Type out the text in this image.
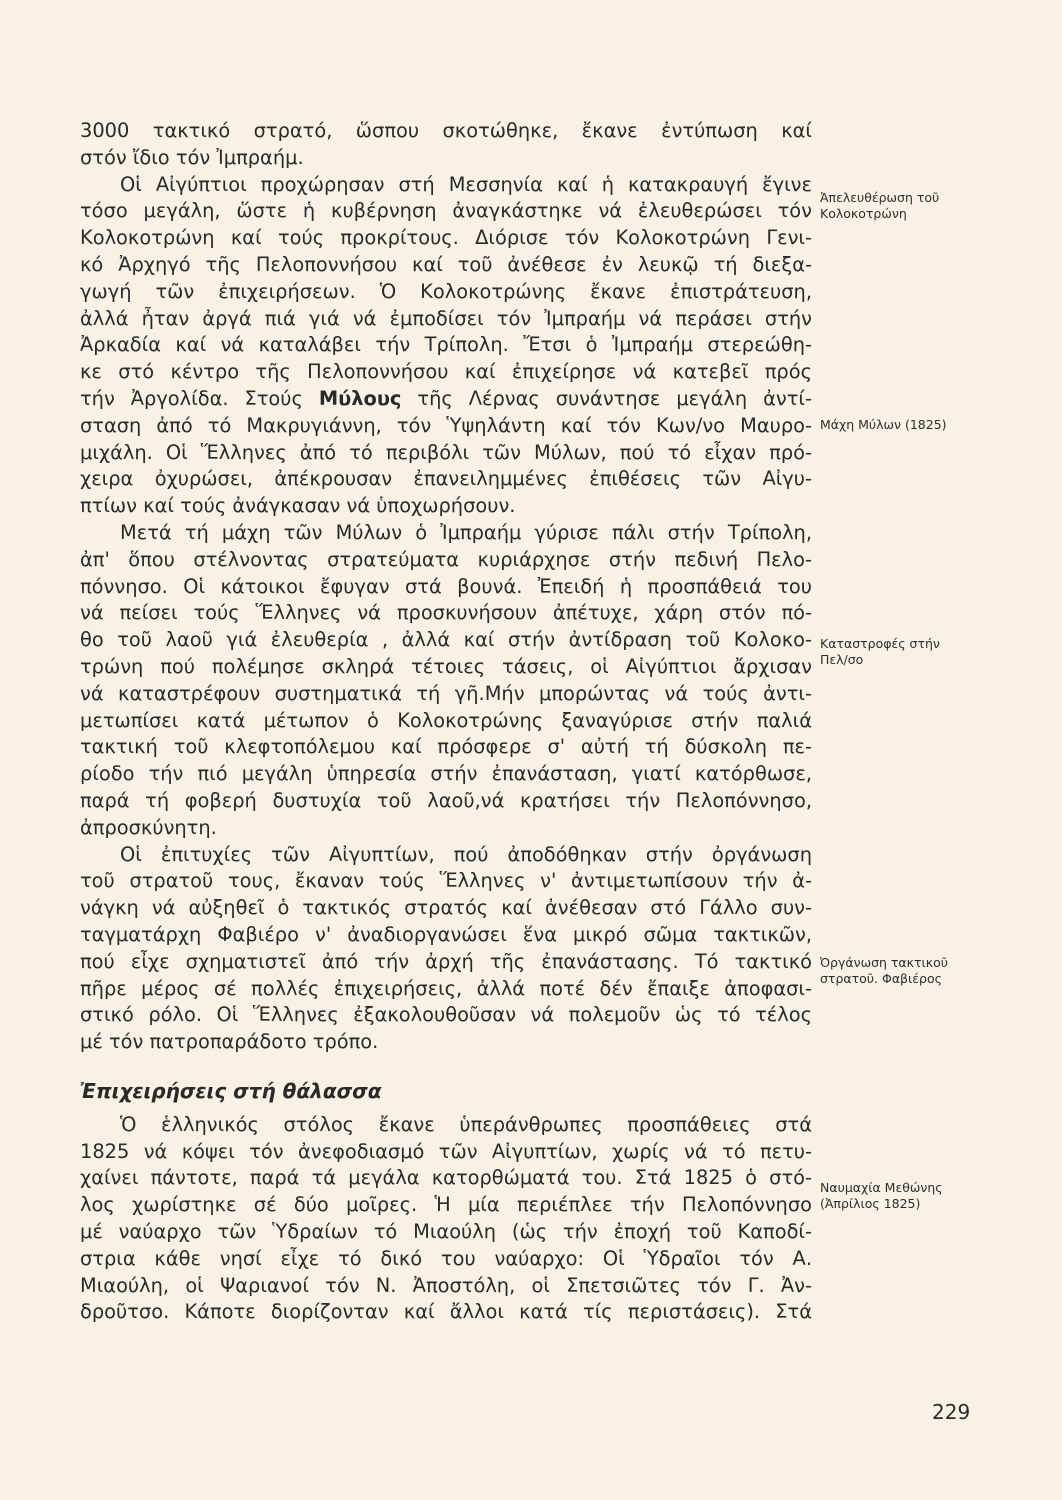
3000 τακτικό στρατό, ὥσπου σκοτώθηκε, ἔκανε ἐντύπωση καί
στόν ἴδιο τόν Ἰμπραήμ.
Οἱ Αἰγύπτιοι προχώρησαν στή Μεσσηνία καί ἡ κατακραυγή ἔγινε
τόσο μεγάλη, ὥστε ἡ κυβέρνηση ἀναγκάστηκε νά ἐλευθερώσει τόν
Κολοκοτρώνη καί τούς προκρίτους. Διόρισε τόν Κολοκοτρώνη Γενι-
κό Ἀρχηγό τῆς Πελοποννήσου καί τοῦ ἀνέθεσε ἐν λευκῷ τή διεξα-
γωγή τῶν ἐπιχειρήσεων. Ὁ Κολοκοτρώνης ἔκανε ἐπιστράτευση,
ἀλλά ἦταν ἀργά πιά γιά νά ἐμποδίσει τόν Ἰμπραήμ νά περάσει στήν
Ἀρκαδία καί νά καταλάβει τήν Τρίπολη. Ἔτσι ὁ Ἰμπραήμ στερεώθη-
κε στό κέντρο τῆς Πελοποννήσου καί ἐπιχείρησε νά κατεβεῖ πρός
τήν Ἀργολίδα. Στούς Μύλους τῆς Λέρνας συνάντησε μεγάλη ἀντί-
σταση ἀπό τό Μακρυγιάννη, τόν Ὑψηλάντη καί τόν Κων/νο Μαυρο-
μιχάλη. Οἱ Ἕλληνες ἀπό τό περιβόλι τῶν Μύλων, πού τό εἶχαν πρό-
χειρα ὀχυρώσει, ἀπέκρουσαν ἐπανειλημμένες ἐπιθέσεις τῶν Αἰγυ-
πτίων καί τούς ἀνάγκασαν νά ὑποχωρήσουν.
Μετά τή μάχη τῶν Μύλων ὁ Ἰμπραήμ γύρισε πάλι στήν Τρίπολη,
ἀπ' ὅπου στέλνοντας στρατεύματα κυριάρχησε στήν πεδινή Πελο-
πόννησο. Οἱ κάτοικοι ἔφυγαν στά βουνά. Ἐπειδή ἡ προσπάθειά του
νά πείσει τούς Ἕλληνες νά προσκυνήσουν ἀπέτυχε, χάρη στόν πό-
θο τοῦ λαοῦ γιά ἐλευθερία , ἀλλά καί στήν ἀντίδραση τοῦ Κολοκο-
τρώνη πού πολέμησε σκληρά τέτοιες τάσεις, οἱ Αἰγύπτιοι ἄρχισαν
νά καταστρέφουν συστηματικά τή γῆ.Μήν μπορώντας νά τούς ἀντι-
μετωπίσει κατά μέτωπον ὁ Κολοκοτρώνης ξαναγύρισε στήν παλιά
τακτική τοῦ κλεφτοπόλεμου καί πρόσφερε σ' αὐτή τή δύσκολη πε-
ρίοδο τήν πιό μεγάλη ὑπηρεσία στήν ἐπανάσταση, γιατί κατόρθωσε,
παρά τή φοβερή δυστυχία τοῦ λαοῦ,νά κρατήσει τήν Πελοπόννησο,
ἀπροσκύνητη.
Οἱ ἐπιτυχίες τῶν Αἰγυπτίων, πού ἀποδόθηκαν στήν ὀργάνωση
τοῦ στρατοῦ τους, ἔκαναν τούς Ἕλληνες ν' ἀντιμετωπίσουν τήν ἀ-
νάγκη νά αὐξηθεῖ ὁ τακτικός στρατός καί ἀνέθεσαν στό Γάλλο συν-
ταγματάρχη Φαβιέρο ν' ἀναδιοργανώσει ἕνα μικρό σῶμα τακτικῶν,
πού εἶχε σχηματιστεῖ ἀπό τήν ἀρχή τῆς ἐπανάστασης. Τό τακτικό
πῆρε μέρος σέ πολλές ἐπιχειρήσεις, ἀλλά ποτέ δέν ἔπαιξε ἀποφασι-
στικό ρόλο. Οἱ Ἕλληνες ἐξακολουθοῦσαν νά πολεμοῦν ὡς τό τέλος
μέ τόν πατροπαράδοτο τρόπο.
Ἐπιχειρήσεις στή θάλασσα
Ὁ ἑλληνικός στόλος ἔκανε ὑπεράνθρωπες προσπάθειες στά
1825 νά κόψει τόν ἀνεφοδιασμό τῶν Αἰγυπτίων, χωρίς νά τό πετυ-
χαίνει πάντοτε, παρά τά μεγάλα κατορθώματά του. Στά 1825 ὁ στό-
λος χωρίστηκε σέ δύο μοῖρες. Ἡ μία περιέπλεε τήν Πελοπόννησο
μέ ναύαρχο τῶν Ὑδραίων τό Μιαούλη (ὡς τήν ἐποχή τοῦ Καποδί-
στρια κάθε νησί εἶχε τό δικό του ναύαρχο: Οἱ Ὑδραῖοι τόν Α.
Μιαούλη, οἱ Ψαριανοί τόν Ν. Ἀποστόλη, οἱ Σπετσιῶτες τόν Γ. Ἀν-
δροῦτσο. Κάποτε διορίζονταν καί ἄλλοι κατά τίς περιστάσεις). Στά
Ἀπελευθέρωση τοῦ
Κολοκοτρώνη
Μάχη Μύλων (1825)
Καταστροφές στήν
Πελ/σο
Ὀργάνωση τακτικοῦ
στρατοῦ. Φαβιέρος
Ναυμαχία Μεθώνης
(Ἀπρίλιος 1825)
229
